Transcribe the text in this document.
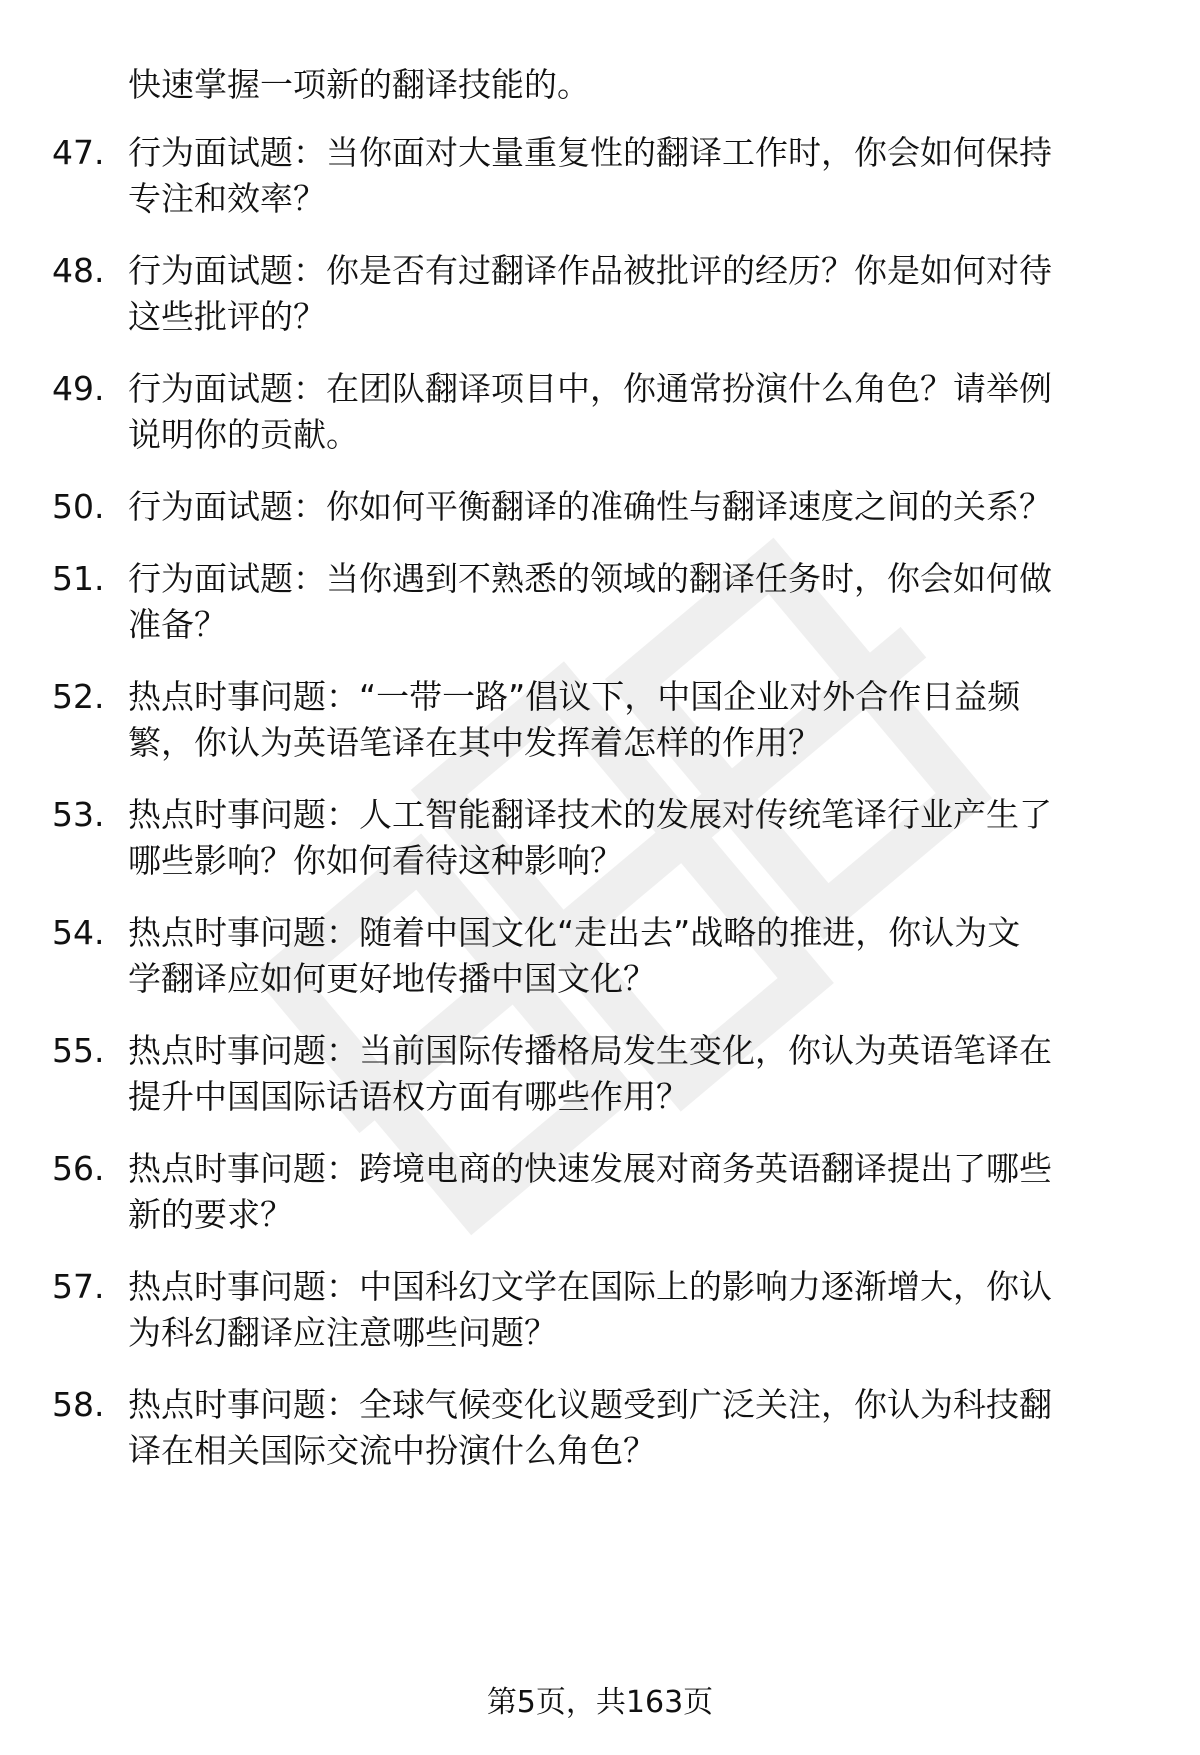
快速掌握一项新的翻译技能的。
47. 行为面试题：当你面对大量重复性的翻译工作时，你会如何保持
专注和效率？
48. 行为面试题：你是否有过翻译作品被批评的经历？你是如何对待
这些批评的？
49. 行为面试题：在团队翻译项目中，你通常扮演什么角色？请举例
说明你的贡献。
50. 行为面试题：你如何平衡翻译的准确性与翻译速度之间的关系？
51. 行为面试题：当你遇到不熟悉的领域的翻译任务时，你会如何做
准备？
52. 热点时事问题：“一带一路”倡议下，中国企业对外合作日益频
繁，你认为英语笔译在其中发挥着怎样的作用？
53. 热点时事问题：人工智能翻译技术的发展对传统笔译行业产生了
哪些影响？你如何看待这种影响？
54. 热点时事问题：随着中国文化“走出去”战略的推进，你认为文
学翻译应如何更好地传播中国文化？
55. 热点时事问题：当前国际传播格局发生变化，你认为英语笔译在
提升中国国际话语权方面有哪些作用？
56. 热点时事问题：跨境电商的快速发展对商务英语翻译提出了哪些
新的要求？
57. 热点时事问题：中国科幻文学在国际上的影响力逐渐增大，你认
为科幻翻译应注意哪些问题？
58. 热点时事问题：全球气候变化议题受到广泛关注，你认为科技翻
译在相关国际交流中扮演什么角色？
第5页，共163页
